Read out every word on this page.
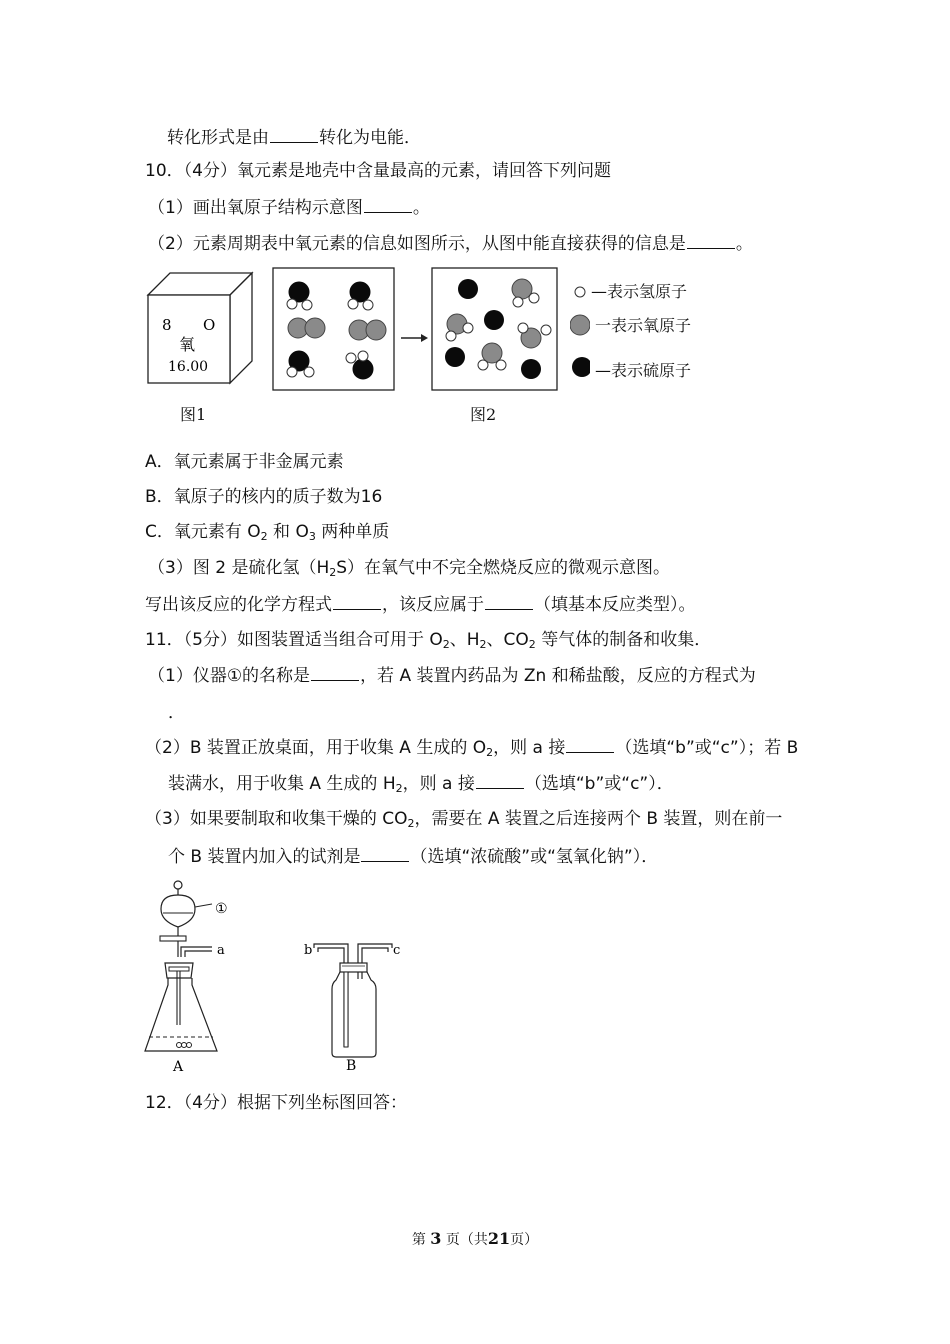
转化形式是由	转化为电能．
10．（4分）氧元素是地壳中含量最高的元素，请回答下列问题
（1）画出氧原子结构示意图	。
（2）元素周期表中氧元素的信息如图所示，从图中能直接获得的信息是	。
8 O
氧
16.00
图1	图2
—表示氢原子
一表示氧原子
—表示硫原子
A．氧元素属于非金属元素
B．氧原子的核内的质子数为16
C．氧元素有 $O_2$ 和 $O_3$ 两种单质
（3）图 2 是硫化氢$(H_2S)$在氧气中不完全燃烧反应的微观示意图。
写出该反应的化学方程式	，该反应属于	（填基本反应类型）。
11．（5分）如图装置适当组合可用于 $O_2$、$H_2$、$CO_2$ 等气体的制备和收集．
（1）仪器①的名称是	，若 A 装置内药品为 Zn 和稀盐酸，反应的方程式为
．
（2）B 装置正放桌面，用于收集 A 生成的 $O_2$，则 a 接	（选填“b”或“c”）；若 B
装满水，用于收集 A 生成的 $H_2$，则 a 接	（选填“b”或“c”）．
（3）如果要制取和收集干燥的 $CO_2$，需要在 A 装置之后连接两个 B 装置，则在前一
个 B 装置内加入的试剂是	（选填“浓硫酸”或“氢氧化钠”）．
①
a
A
b	c
B
12．（4分）根据下列坐标图回答：
第 3 页（共21页）
